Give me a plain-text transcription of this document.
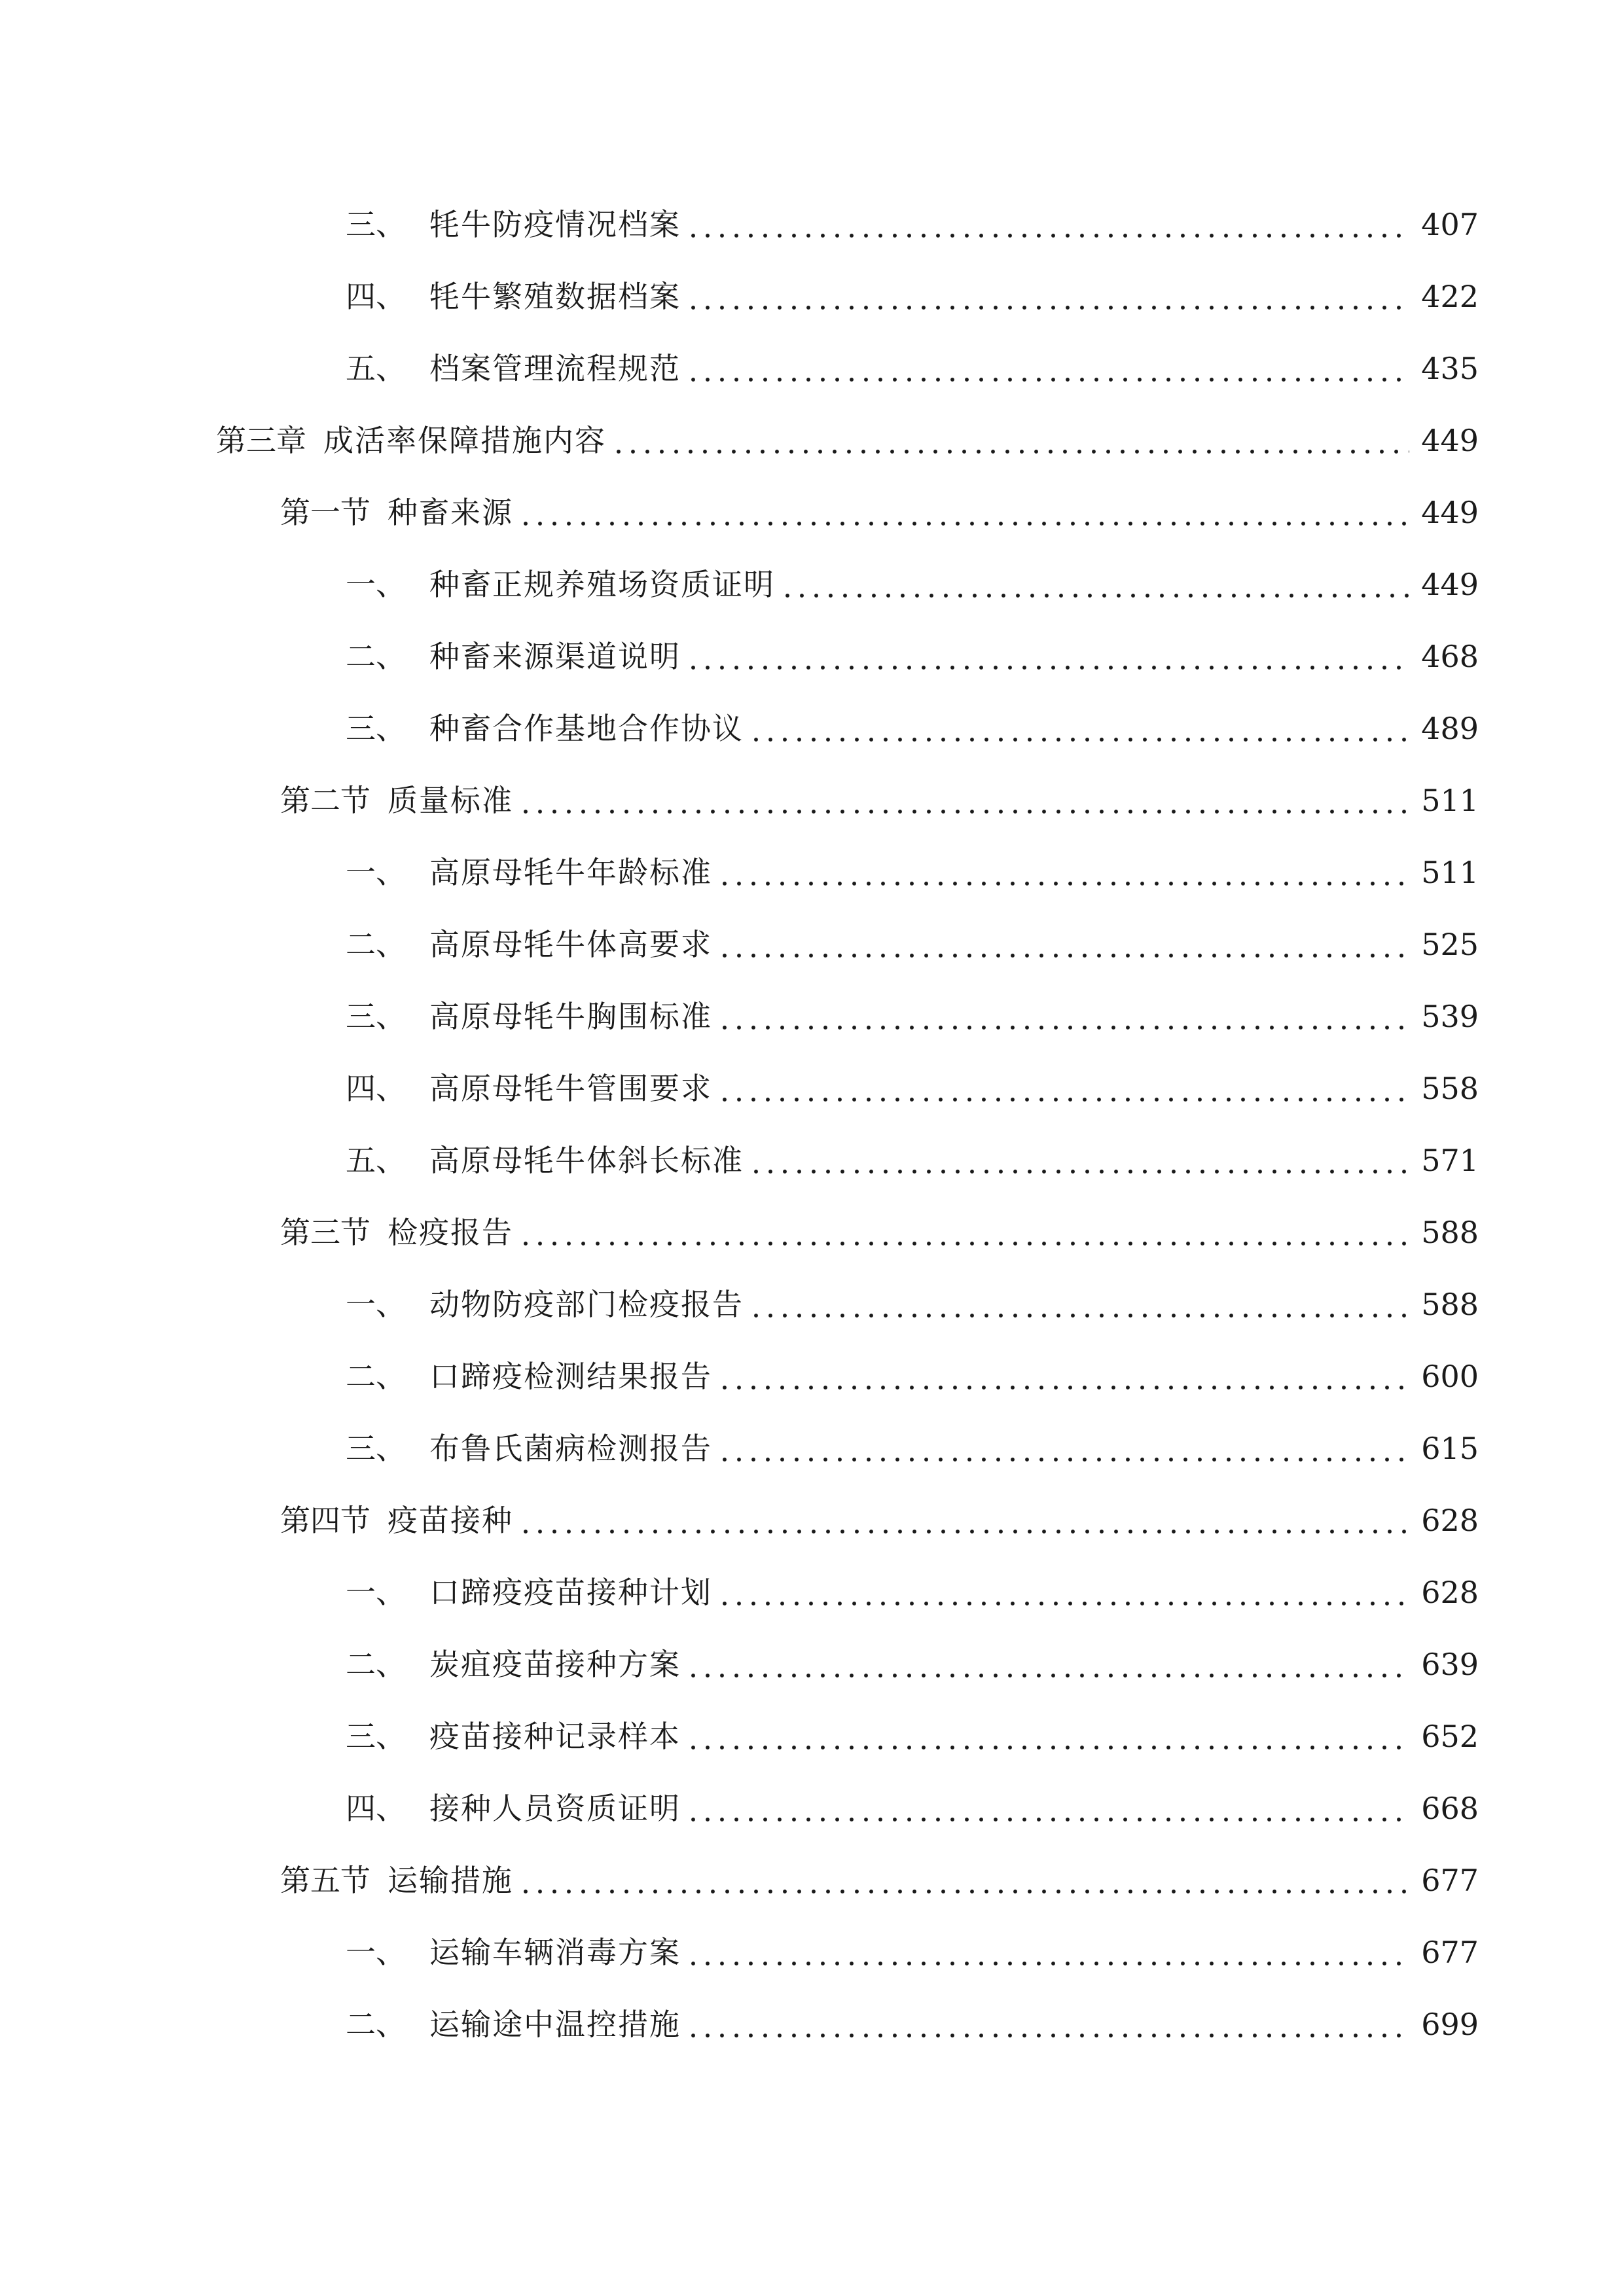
三、 牦牛防疫情况档案	407
四、 牦牛繁殖数据档案	422
五、 档案管理流程规范	435
第三章 成活率保障措施内容	449
第一节 种畜来源	449
一、 种畜正规养殖场资质证明	449
二、 种畜来源渠道说明	468
三、 种畜合作基地合作协议	489
第二节 质量标准	511
一、 高原母牦牛年龄标准	511
二、 高原母牦牛体高要求	525
三、 高原母牦牛胸围标准	539
四、 高原母牦牛管围要求	558
五、 高原母牦牛体斜长标准	571
第三节 检疫报告	588
一、 动物防疫部门检疫报告	588
二、 口蹄疫检测结果报告	600
三、 布鲁氏菌病检测报告	615
第四节 疫苗接种	628
一、 口蹄疫疫苗接种计划	628
二、 炭疽疫苗接种方案	639
三、 疫苗接种记录样本	652
四、 接种人员资质证明	668
第五节 运输措施	677
一、 运输车辆消毒方案	677
二、 运输途中温控措施	699
